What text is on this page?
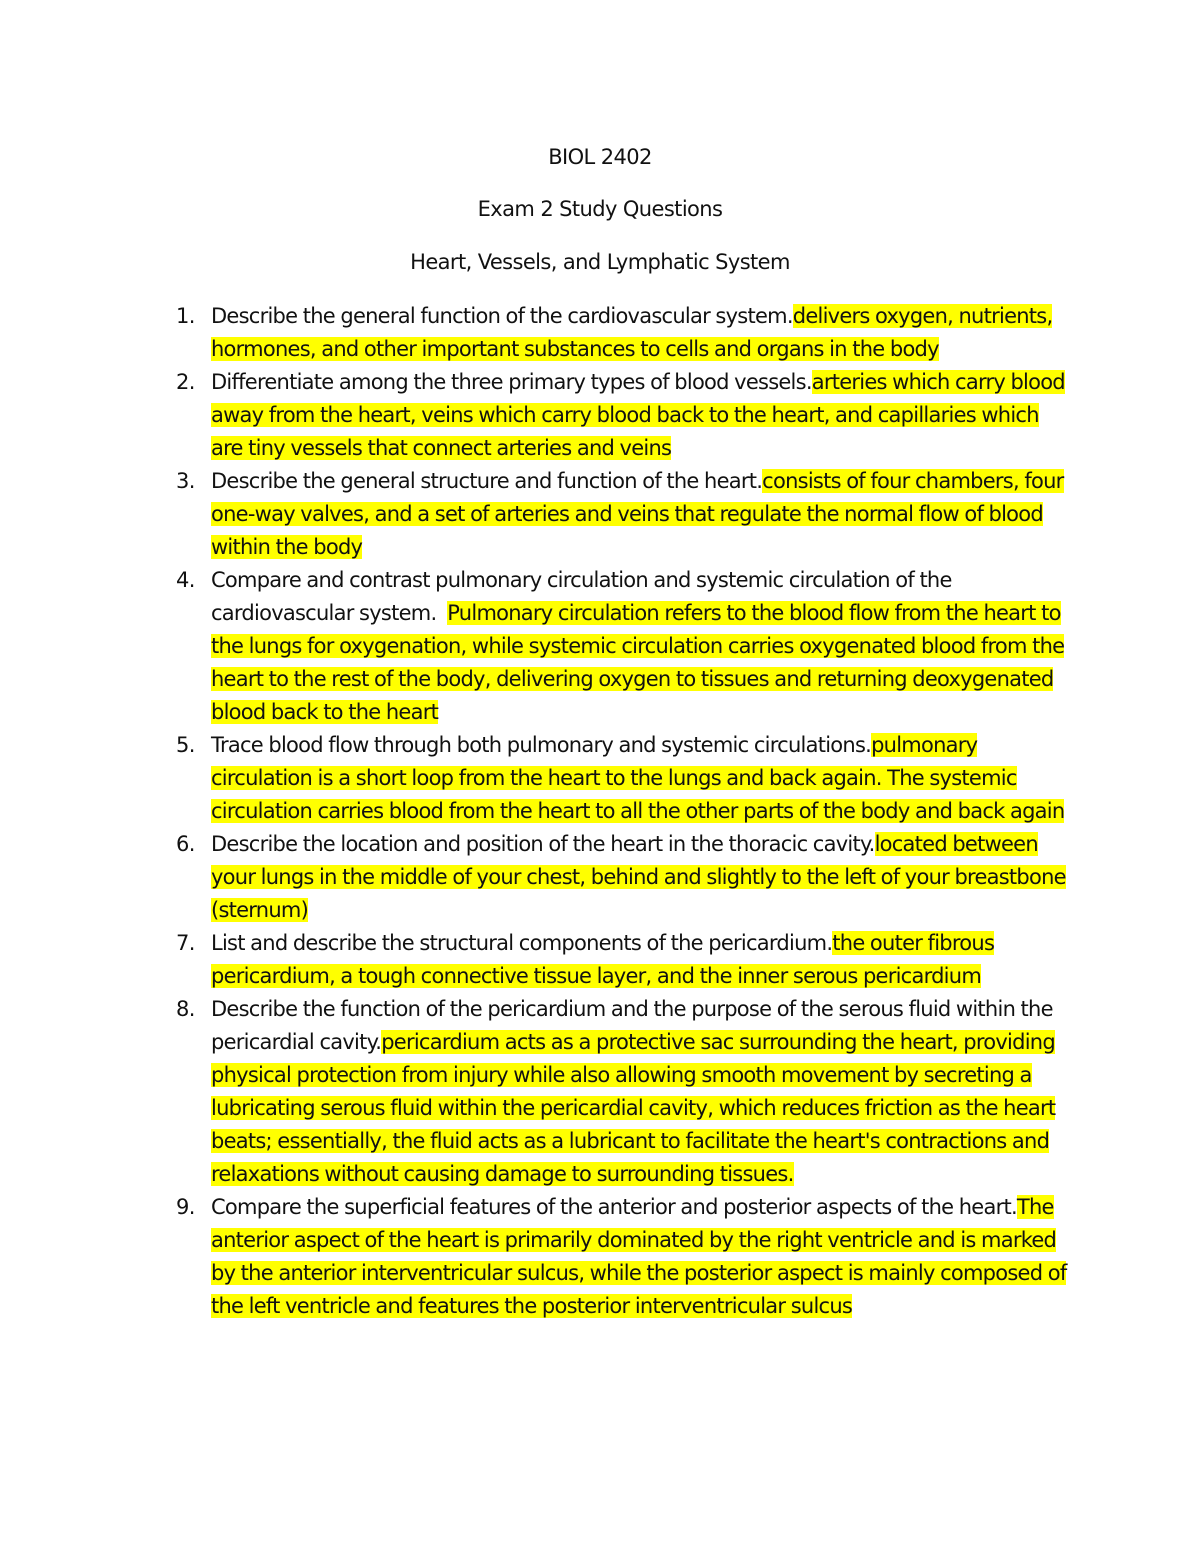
BIOL 2402
Exam 2 Study Questions
Heart, Vessels, and Lymphatic System
1. Describe the general function of the cardiovascular system.delivers oxygen, nutrients, hormones, and other important substances to cells and organs in the body
2. Differentiate among the three primary types of blood vessels.arteries which carry blood away from the heart, veins which carry blood back to the heart, and capillaries which are tiny vessels that connect arteries and veins
3. Describe the general structure and function of the heart.consists of four chambers, four one-way valves, and a set of arteries and veins that regulate the normal flow of blood within the body
4. Compare and contrast pulmonary circulation and systemic circulation of the cardiovascular system.  Pulmonary circulation refers to the blood flow from the heart to the lungs for oxygenation, while systemic circulation carries oxygenated blood from the heart to the rest of the body, delivering oxygen to tissues and returning deoxygenated blood back to the heart
5. Trace blood flow through both pulmonary and systemic circulations.pulmonary circulation is a short loop from the heart to the lungs and back again. The systemic circulation carries blood from the heart to all the other parts of the body and back again
6. Describe the location and position of the heart in the thoracic cavity.located between your lungs in the middle of your chest, behind and slightly to the left of your breastbone (sternum)
7. List and describe the structural components of the pericardium.the outer fibrous pericardium, a tough connective tissue layer, and the inner serous pericardium
8. Describe the function of the pericardium and the purpose of the serous fluid within the pericardial cavity.pericardium acts as a protective sac surrounding the heart, providing physical protection from injury while also allowing smooth movement by secreting a lubricating serous fluid within the pericardial cavity, which reduces friction as the heart beats; essentially, the fluid acts as a lubricant to facilitate the heart's contractions and relaxations without causing damage to surrounding tissues.
9. Compare the superficial features of the anterior and posterior aspects of the heart.The anterior aspect of the heart is primarily dominated by the right ventricle and is marked by the anterior interventricular sulcus, while the posterior aspect is mainly composed of the left ventricle and features the posterior interventricular sulcus
